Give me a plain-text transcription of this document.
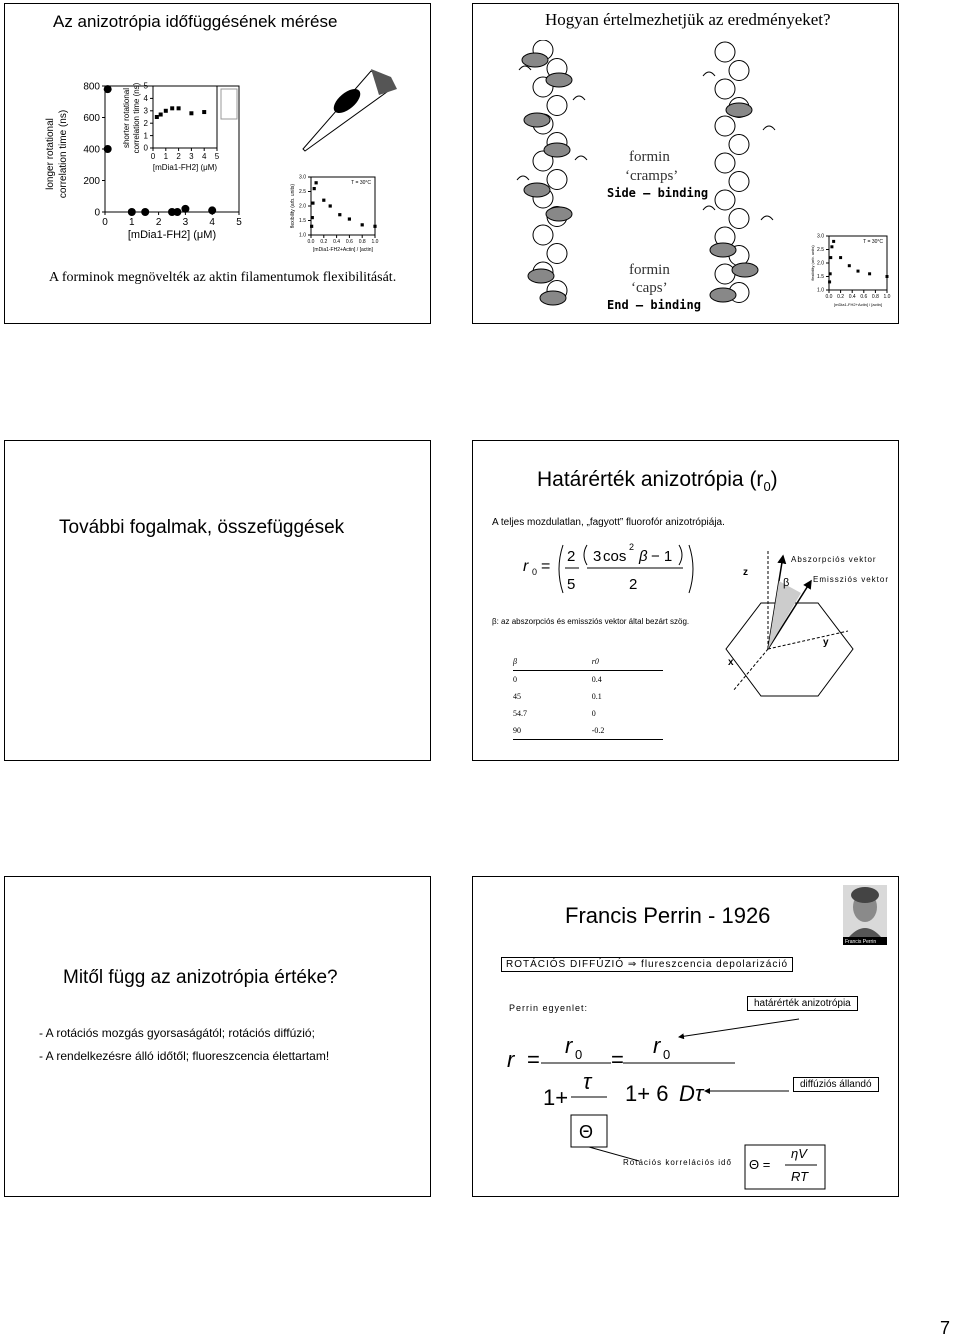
Az anizotrópia időfüggésének mérése
0 1 2 3 4 5
800
600
400
200
0
[mDia1-FH2] (μM)
longer rotational correlation time (ns)	0 1 2 3 4 5
5
4
3
2
1
0
[mDia1-FH2] (μM)
shorter rotational correlation time (ns)
0.0 0.2 0.4 0.6 0.8 1.0
3.0
2.5
2.0
1.5
1.0
[mDia1-FH2+Actin] / [actin]
flexibility (arb. units)
T = 30°C
A forminok megnövelték az aktin filamentumok flexibilitását.
Hogyan értelmezhetjük az eredményeket?
formin
‘cramps’
Side – binding
formin
‘caps’
End – binding
0.0 0.2 0.4 0.6 0.8 1.0
3.0
2.5
2.0
1.5
1.0
[mDia1-FH2+Actin] / [actin]
flexibility (arb. units)
T = 30°C
További fogalmak, összefüggések
Határérték anizotrópia $(r_0)$
A teljes mozdulatlan, „fagyott” fluorofór anizotrópiája.
r 0 =
2
5
3 cos
2
β − 1
2
z
β
x
y
Abszorpciós vektor
Emissziós vektor
β: az abszorpciós és emissziós vektor által bezárt szög.
β	r0
0	0.4
45	0.1
54.7	0
90	-0.2
Mitől függ az anizotrópia értéke?
- A rotációs mozgás gyorsaságától; rotációs diffúzió;
- A rendelkezésre álló időtől; fluoreszcencia élettartam!
Francis Perrin - 1926
Francis Perrin
ROTÁCIÓS DIFFÚZIÓ ⇒ flureszcencia depolarizáció
Perrin egyenlet:	határérték anizotrópia
r =
r 0
τ
1+
=
r 0
1+ 6 D τ
Θ
Rotációs korrelációs idő Θ =
ηV
RT
diffúziós állandó
7
